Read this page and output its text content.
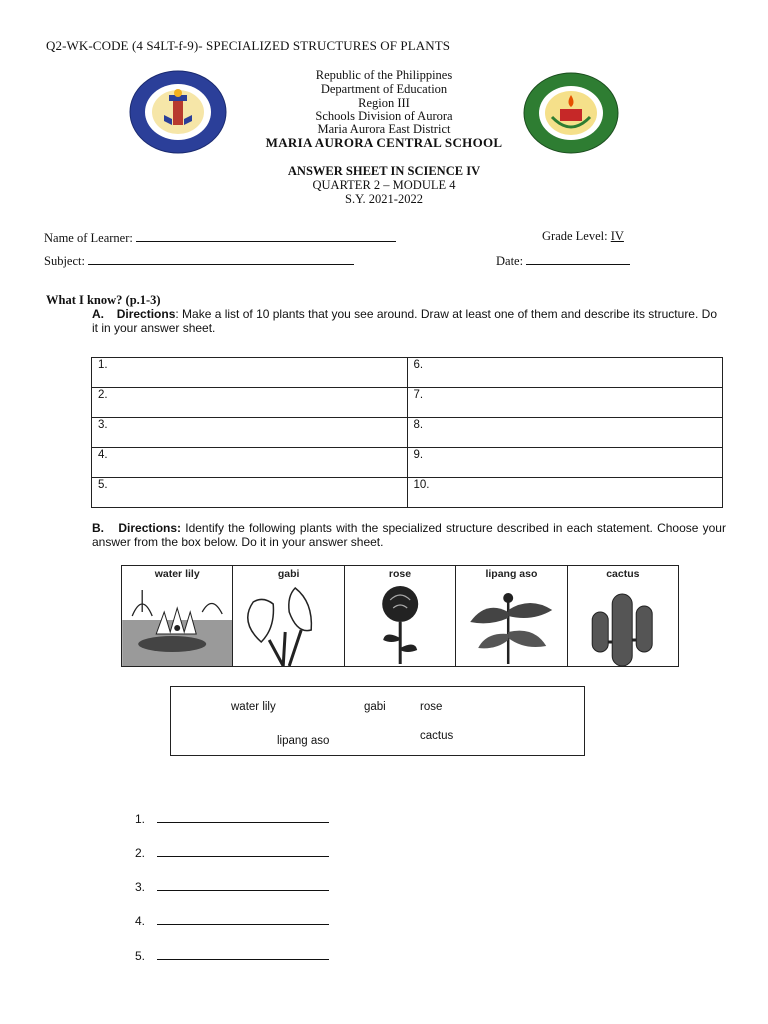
Q2-WK-CODE (4 S4LT-f-9)- SPECIALIZED STRUCTURES OF PLANTS
Republic of the Philippines
Department of Education
Region III
Schools Division of Aurora
Maria Aurora East District
MARIA AURORA CENTRAL SCHOOL
ANSWER SHEET IN SCIENCE IV
QUARTER 2 – MODULE 4
S.Y. 2021-2022
Name of Learner:	Grade Level: IV
Subject:	Date:
What I know? (p.1-3)
A. Directions: Make a list of 10 plants that you see around. Draw at least one of them and describe its structure. Do it in your answer sheet.
1.	6.
2.	7.
3.	8.
4.	9.
5.	10.
B. Directions: Identify the following plants with the specialized structure described in each statement. Choose your answer from the box below. Do it in your answer sheet.
water lily	gabi	rose	lipang aso	cactus
water lily	gabi	rose
lipang aso	cactus
1.
2.
3.
4.
5.
